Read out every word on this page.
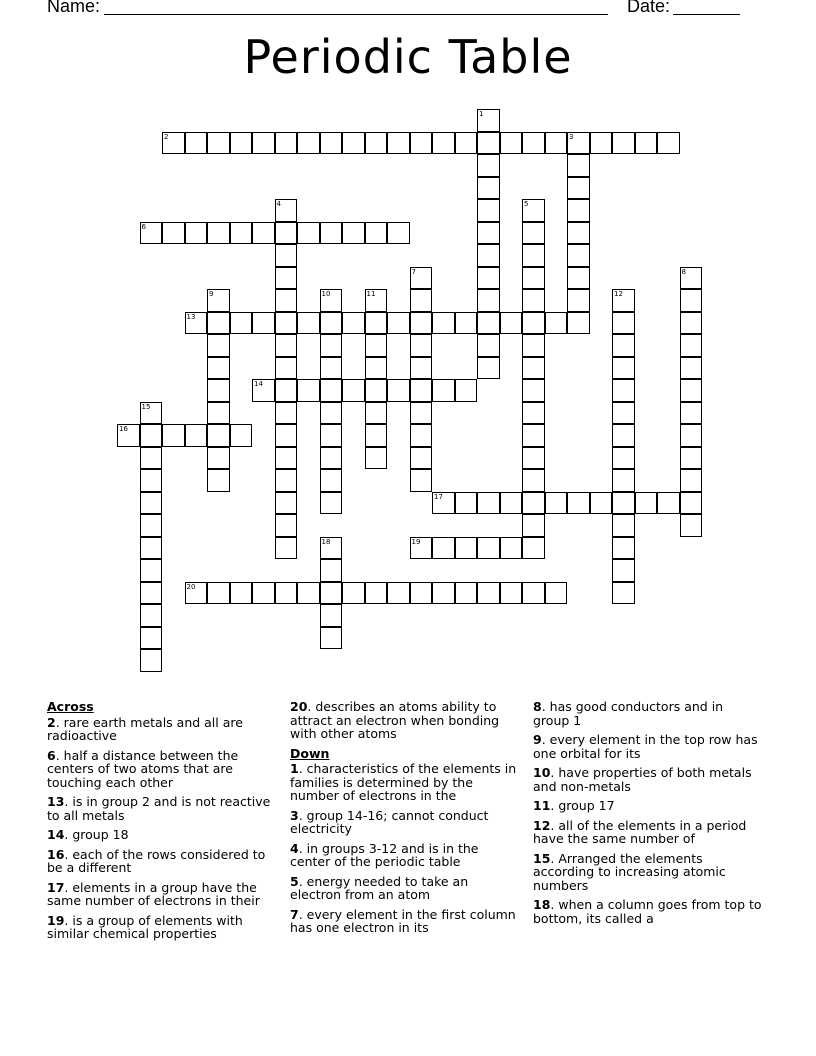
Name:	Date:
Periodic Table
1
2	3
4	5
6
7	8
9	10	11	12
13
14
15
16
17
18	19
20
Across
2. rare earth metals and all are radioactive
6. half a distance between the centers of two atoms that are touching each other
13. is in group 2 and is not reactive to all metals
14. group 18
16. each of the rows considered to be a different
17. elements in a group have the same number of electrons in their
19. is a group of elements with similar chemical properties
20. describes an atoms ability to attract an electron when bonding with other atoms
Down
1. characteristics of the elements in families is determined by the number of electrons in the
3. group 14-16; cannot conduct electricity
4. in groups 3-12 and is in the center of the periodic table
5. energy needed to take an electron from an atom
7. every element in the first column has one electron in its
8. has good conductors and in group 1
9. every element in the top row has one orbital for its
10. have properties of both metals and non-metals
11. group 17
12. all of the elements in a period have the same number of
15. Arranged the elements according to increasing atomic numbers
18. when a column goes from top to bottom, its called a
